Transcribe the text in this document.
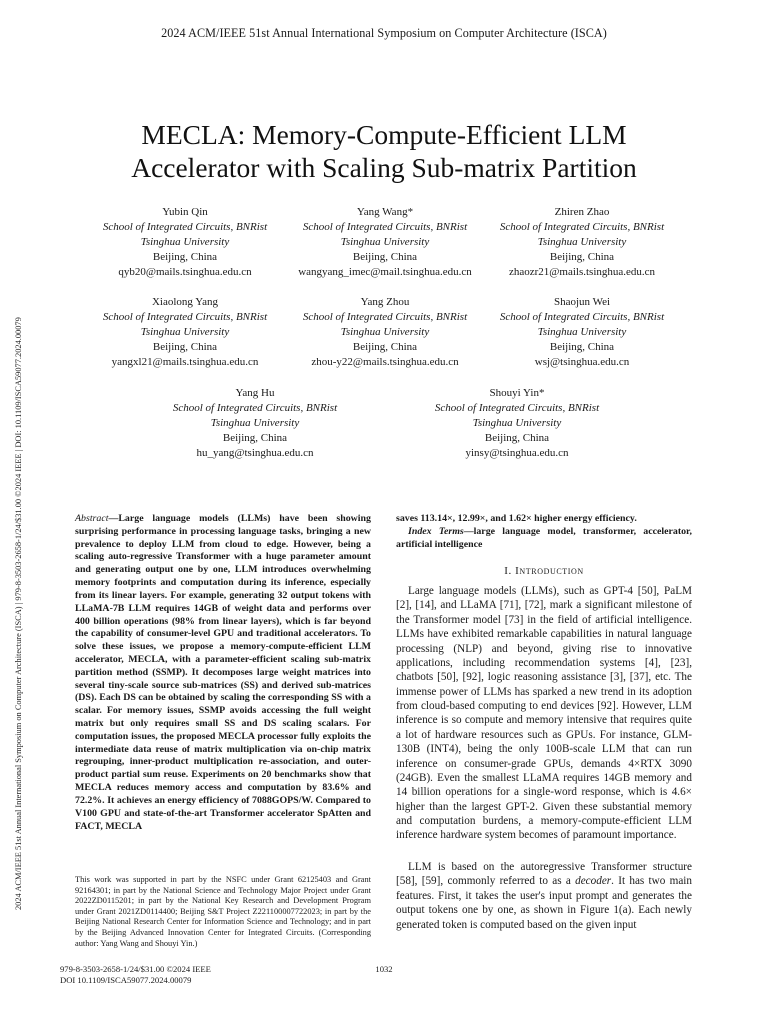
2024 ACM/IEEE 51st Annual International Symposium on Computer Architecture (ISCA)
2024 ACM/IEEE 51st Annual International Symposium on Computer Architecture (ISCA) | 979-8-3503-2658-1/24/$31.00 ©2024 IEEE | DOI: 10.1109/ISCA59077.2024.00079
MECLA: Memory-Compute-Efficient LLM
Accelerator with Scaling Sub-matrix Partition
Yubin Qin
School of Integrated Circuits, BNRist
Tsinghua University
Beijing, China
qyb20@mails.tsinghua.edu.cn
Yang Wang*
School of Integrated Circuits, BNRist
Tsinghua University
Beijing, China
wangyang_imec@mail.tsinghua.edu.cn
Zhiren Zhao
School of Integrated Circuits, BNRist
Tsinghua University
Beijing, China
zhaozr21@mails.tsinghua.edu.cn
Xiaolong Yang
School of Integrated Circuits, BNRist
Tsinghua University
Beijing, China
yangxl21@mails.tsinghua.edu.cn
Yang Zhou
School of Integrated Circuits, BNRist
Tsinghua University
Beijing, China
zhou-y22@mails.tsinghua.edu.cn
Shaojun Wei
School of Integrated Circuits, BNRist
Tsinghua University
Beijing, China
wsj@tsinghua.edu.cn
Yang Hu
School of Integrated Circuits, BNRist
Tsinghua University
Beijing, China
hu_yang@tsinghua.edu.cn
Shouyi Yin*
School of Integrated Circuits, BNRist
Tsinghua University
Beijing, China
yinsy@tsinghua.edu.cn

Abstract—Large language models (LLMs) have been showing surprising performance in processing language tasks, bringing a new prevalence to deploy LLM from cloud to edge. However, being a scaling auto-regressive Transformer with a huge parameter amount and generating output one by one, LLM introduces overwhelming memory footprints and computation during its inference, especially from its linear layers. For example, generating 32 output tokens with LLaMA-7B LLM requires 14GB of weight data and performs over 400 billion operations (98% from linear layers), which is far beyond the capability of consumer-level GPU and traditional accelerators. To solve these issues, we propose a memory-compute-efficient LLM accelerator, MECLA, with a parameter-efficient scaling sub-matrix partition method (SSMP). It decomposes large weight matrices into several tiny-scale source sub-matrices (SS) and derived sub-matrices (DS). Each DS can be obtained by scaling the corresponding SS with a scalar. For memory issues, SSMP avoids accessing the full weight matrix but only requires small SS and DS scaling scalars. For computation issues, the proposed MECLA processor fully exploits the intermediate data reuse of matrix multiplication via on-chip matrix regrouping, inner-product multiplication re-association, and outer-product partial sum reuse. Experiments on 20 benchmarks show that MECLA reduces memory access and computation by 83.6% and 72.2%. It achieves an energy efficiency of 7088GOPS/W. Compared to V100 GPU and state-of-the-art Transformer accelerator SpAtten and FACT, MECLA

This work was supported in part by the NSFC under Grant 62125403 and Grant 92164301; in part by the National Science and Technology Major Project under Grant 2022ZD0115201; in part by the National Key Research and Development Program under Grant 2021ZD0114400; Beijing S&T Project Z221100007722023; in part by the Beijing National Research Center for Information Science and Technology; and in part by the Beijing Advanced Innovation Center for Integrated Circuits. (Corresponding author: Yang Wang and Shouyi Yin.)

saves 113.14×, 12.99×, and 1.62× higher energy efficiency.

Index Terms—large language model, transformer, accelerator, artificial intelligence

I. Introduction

Large language models (LLMs), such as GPT-4 [50], PaLM [2], [14], and LLaMA [71], [72], mark a significant milestone of the Transformer model [73] in the field of artificial intelligence. LLMs have exhibited remarkable capabilities in natural language processing (NLP) and beyond, giving rise to innovative applications, including recommendation systems [4], [23], chatbots [50], [92], logic reasoning assistance [3], [37], etc. The immense power of LLMs has sparked a new trend in its adoption from cloud-based computing to end devices [92]. However, LLM inference is so compute and memory intensive that requires quite a lot of hardware resources such as GPUs. For instance, GLM-130B (INT4), being the only 100B-scale LLM that can run inference on consumer-grade GPUs, demands 4×RTX 3090 (24GB). Even the smallest LLaMA requires 14GB memory and 14 billion operations for a single-word response, which is 4.6× higher than the largest GPT-2. Given these substantial memory and computation burdens, a memory-compute-efficient LLM inference hardware system becomes of paramount importance.

LLM is based on the autoregressive Transformer structure [58], [59], commonly referred to as a decoder. It has two main features. First, it takes the user's input prompt and generates the output tokens one by one, as shown in Figure 1(a). Each newly generated token is computed based on the given input

979-8-3503-2658-1/24/$31.00 ©2024 IEEE
DOI 10.1109/ISCA59077.2024.00079
1032
